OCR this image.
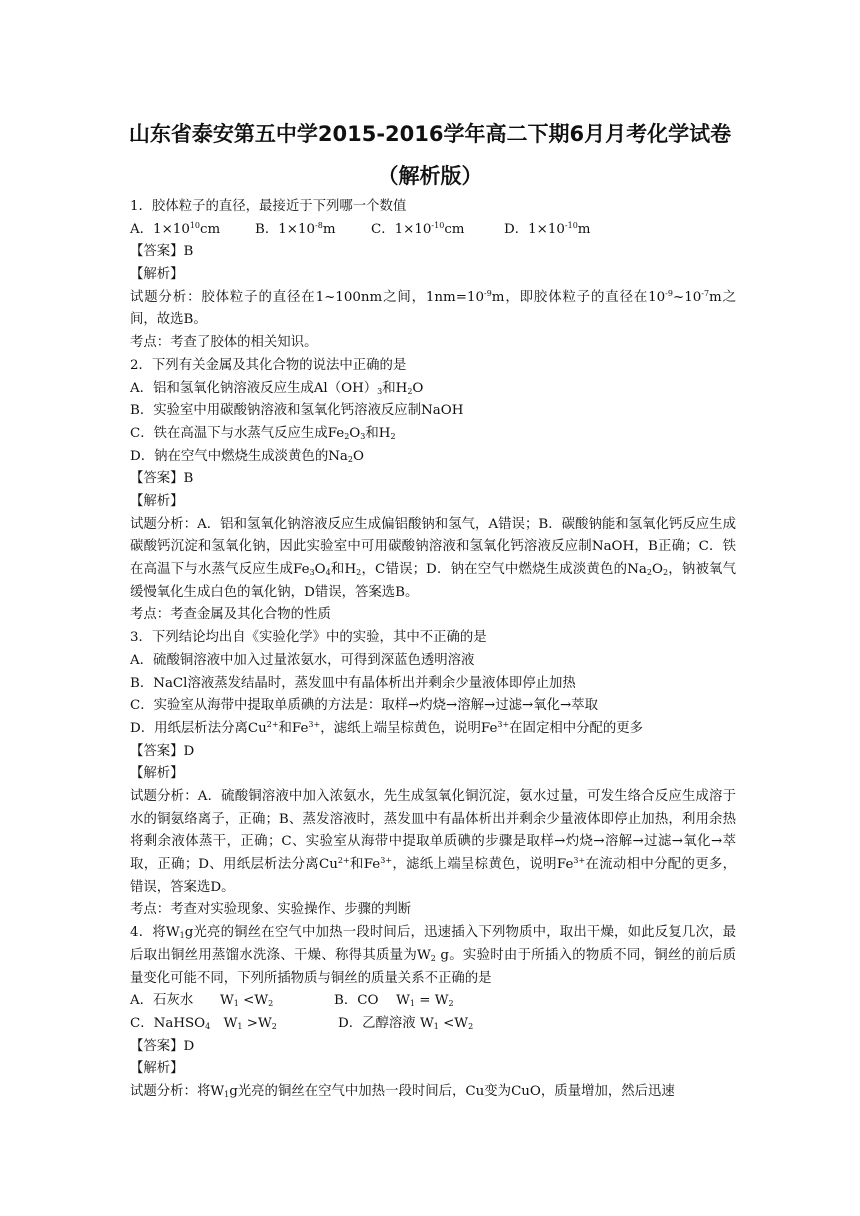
山东省泰安第五中学2015-2016学年高二下期6月月考化学试卷
（解析版）
1．胶体粒子的直径，最接近于下列哪一个数值
A．$1\times 10^{10}cm$	B．$1\times 10^{-8}m$	C．$1\times 10^{-10}cm$	D．$1\times 10^{-10}m$
【答案】B
【解析】
试题分析：胶体粒子的直径在1~100nm之间，$1nm=10^{-9}m$，即胶体粒子的直径在$10^{-9}\sim 10^{-7}m$之间，故选B。
考点：考查了胶体的相关知识。
2．下列有关金属及其化合物的说法中正确的是
A．铝和氢氧化钠溶液反应生成$Al(OH)_3$和$H_2O$
B．实验室中用碳酸钠溶液和氢氧化钙溶液反应制NaOH
C．铁在高温下与水蒸气反应生成$Fe_2O_3$和$H_2$
D．钠在空气中燃烧生成淡黄色的$Na_2O$
【答案】B
【解析】
试题分析：A．铝和氢氧化钠溶液反应生成偏铝酸钠和氢气，A错误；B．碳酸钠能和氢氧化钙反应生成碳酸钙沉淀和氢氧化钠，因此实验室中可用碳酸钠溶液和氢氧化钙溶液反应制NaOH，B正确；C．铁在高温下与水蒸气反应生成$Fe_3O_4$和$H_2$，C错误；D．钠在空气中燃烧生成淡黄色的$Na_2O_2$，钠被氧气缓慢氧化生成白色的氧化钠，D错误，答案选B。
考点：考查金属及其化合物的性质
3．下列结论均出自《实验化学》中的实验，其中不正确的是
A．硫酸铜溶液中加入过量浓氨水，可得到深蓝色透明溶液
B．NaCl溶液蒸发结晶时，蒸发皿中有晶体析出并剩余少量液体即停止加热
C．实验室从海带中提取单质碘的方法是：取样→灼烧→溶解→过滤→氧化→萃取
D．用纸层析法分离$Cu^{2+}$和$Fe^{3+}$，滤纸上端呈棕黄色，说明$Fe^{3+}$在固定相中分配的更多
【答案】D
【解析】
试题分析：A．硫酸铜溶液中加入浓氨水，先生成氢氧化铜沉淀，氨水过量，可发生络合反应生成溶于水的铜氨络离子，正确；B、蒸发溶液时，蒸发皿中有晶体析出并剩余少量液体即停止加热，利用余热将剩余液体蒸干，正确；C、实验室从海带中提取单质碘的步骤是取样→灼烧→溶解→过滤→氧化→萃取，正确；D、用纸层析法分离$Cu^{2+}$和$Fe^{3+}$，滤纸上端呈棕黄色，说明$Fe^{3+}$在流动相中分配的更多，错误，答案选D。
考点：考查对实验现象、实验操作、步骤的判断
4．将$W_1g$光亮的铜丝在空气中加热一段时间后，迅速插入下列物质中，取出干燥，如此反复几次，最后取出铜丝用蒸馏水洗涤、干燥、称得其质量为$W_2$ g。实验时由于所插入的物质不同，铜丝的前后质量变化可能不同，下列所插物质与铜丝的质量关系不正确的是
A．石灰水　　$W_1 <W_2$	B．CO　 $W_1 = W_2$
C．NaHSO$_4$　$W_1 >W_2$	D．乙醇溶液 $W_1 <W_2$
【答案】D
【解析】
试题分析：将$W_1g$光亮的铜丝在空气中加热一段时间后，Cu变为CuO，质量增加，然后迅速
